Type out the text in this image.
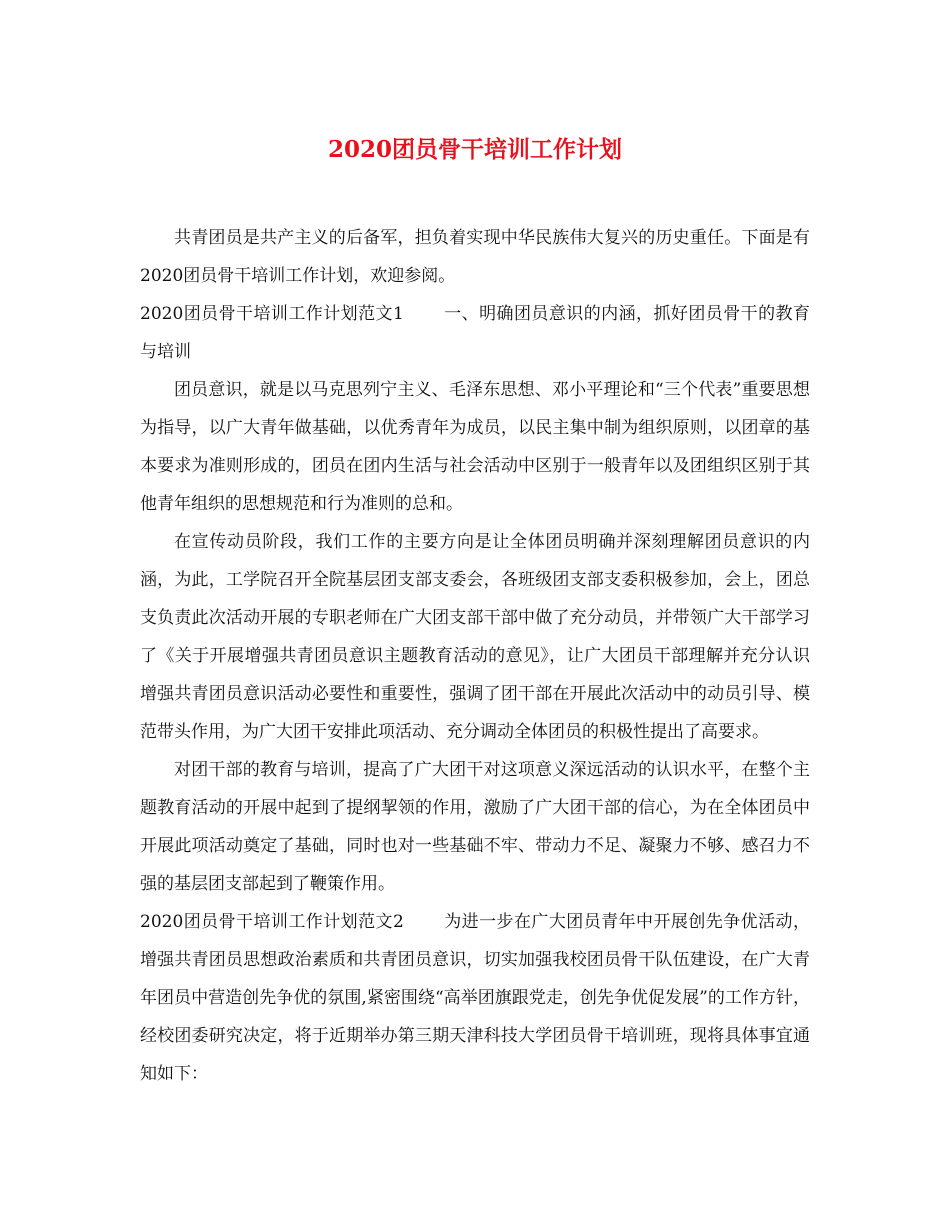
2020团员骨干培训工作计划

共青团员是共产主义的后备军，担负着实现中华民族伟大复兴的历史重任。下面是有2020团员骨干培训工作计划，欢迎参阅。

2020团员骨干培训工作计划范文1 一、明确团员意识的内涵，抓好团员骨干的教育与培训

团员意识，就是以马克思列宁主义、毛泽东思想、邓小平理论和“三个代表”重要思想为指导，以广大青年做基础，以优秀青年为成员，以民主集中制为组织原则，以团章的基本要求为准则形成的，团员在团内生活与社会活动中区别于一般青年以及团组织区别于其他青年组织的思想规范和行为准则的总和。

在宣传动员阶段，我们工作的主要方向是让全体团员明确并深刻理解团员意识的内涵，为此，工学院召开全院基层团支部支委会，各班级团支部支委积极参加，会上，团总支负责此次活动开展的专职老师在广大团支部干部中做了充分动员，并带领广大干部学习了《关于开展增强共青团员意识主题教育活动的意见》，让广大团员干部理解并充分认识增强共青团员意识活动必要性和重要性，强调了团干部在开展此次活动中的动员引导、模范带头作用，为广大团干安排此项活动、充分调动全体团员的积极性提出了高要求。

对团干部的教育与培训，提高了广大团干对这项意义深远活动的认识水平，在整个主题教育活动的开展中起到了提纲挈领的作用，激励了广大团干部的信心，为在全体团员中开展此项活动奠定了基础，同时也对一些基础不牢、带动力不足、凝聚力不够、感召力不强的基层团支部起到了鞭策作用。

2020团员骨干培训工作计划范文2 为进一步在广大团员青年中开展创先争优活动，增强共青团员思想政治素质和共青团员意识，切实加强我校团员骨干队伍建设，在广大青年团员中营造创先争优的氛围,紧密围绕“高举团旗跟党走，创先争优促发展”的工作方针，经校团委研究决定，将于近期举办第三期天津科技大学团员骨干培训班，现将具体事宜通知如下：
